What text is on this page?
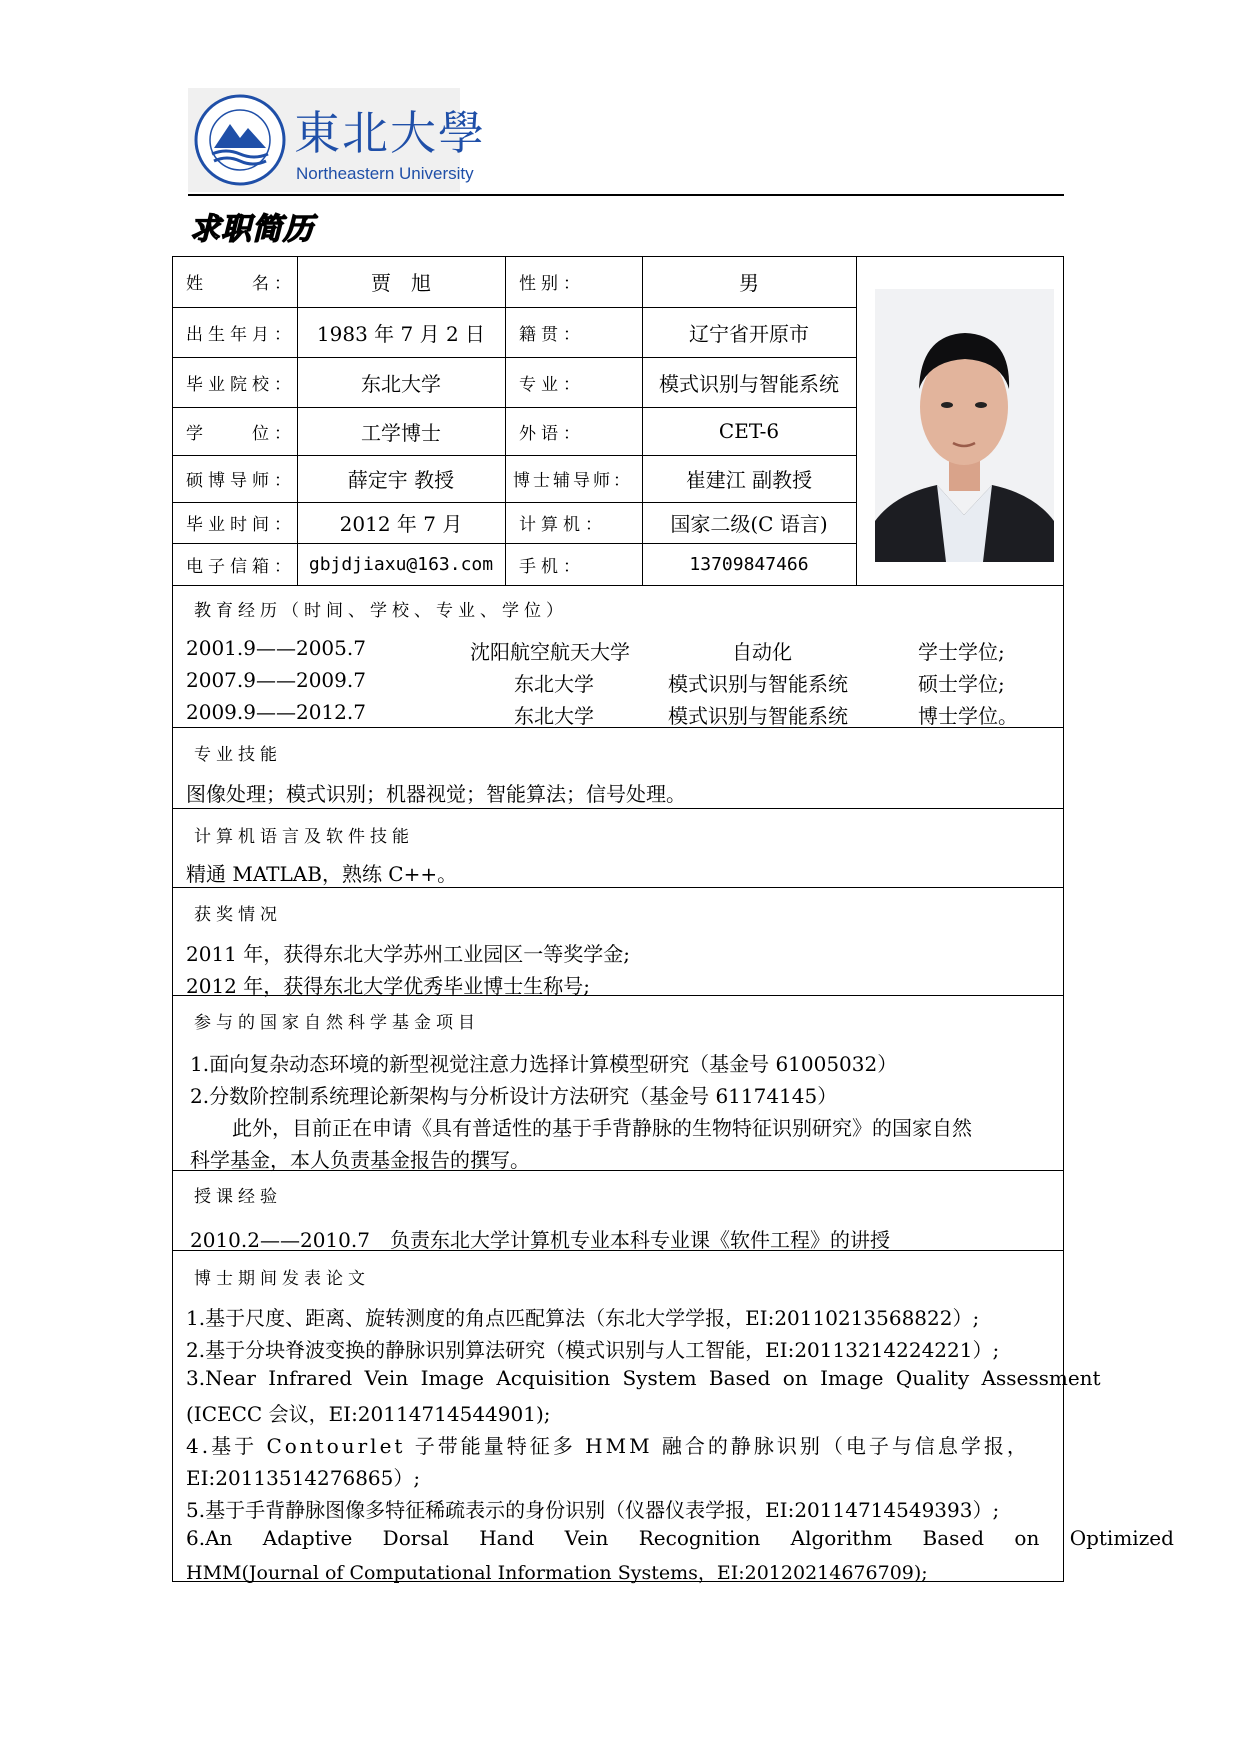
東北大學
Northeastern University
求职简历
姓　　名：	贾　旭	性别：	男
出生年月：	1983 年 7 月 2 日	籍贯：	辽宁省开原市
毕业院校：	东北大学	专业：	模式识别与智能系统
学　　位：	工学博士	外语：	CET-6
硕博导师：	薛定宇 教授	博士辅导师：	崔建江 副教授
毕业时间：	2012 年 7 月	计算机：	国家二级(C 语言)
电子信箱： gbjdjiaxu@163.com	手机：	13709847466
教育经历（时间、学校、专业、学位）
2001.9——2005.7	沈阳航空航天大学	自动化	学士学位;
2007.9——2009.7	东北大学	模式识别与智能系统	硕士学位;
2009.9——2012.7	东北大学	模式识别与智能系统	博士学位。
专业技能
图像处理；模式识别；机器视觉；智能算法；信号处理。
计算机语言及软件技能
精通 MATLAB，熟练 C++。
获奖情况
2011 年，获得东北大学苏州工业园区一等奖学金;
2012 年，获得东北大学优秀毕业博士生称号;
参与的国家自然科学基金项目
1.面向复杂动态环境的新型视觉注意力选择计算模型研究（基金号 61005032）
2.分数阶控制系统理论新架构与分析设计方法研究（基金号 61174145）
此外，目前正在申请《具有普适性的基于手背静脉的生物特征识别研究》的国家自然
科学基金，本人负责基金报告的撰写。
授课经验
2010.2——2010.7　负责东北大学计算机专业本科专业课《软件工程》的讲授
博士期间发表论文
1.基于尺度、距离、旋转测度的角点匹配算法（东北大学学报，EI:20110213568822）;
2.基于分块脊波变换的静脉识别算法研究（模式识别与人工智能，EI:20113214224221）;
3.Near Infrared Vein Image Acquisition System Based on Image Quality Assessment
(ICECC 会议，EI:20114714544901);
4.基于 Contourlet 子带能量特征多 HMM 融合的静脉识别（电子与信息学报，
EI:20113514276865）;
5.基于手背静脉图像多特征稀疏表示的身份识别（仪器仪表学报，EI:20114714549393）;
6.An Adaptive Dorsal Hand Vein Recognition Algorithm Based on Optimized
HMM(Journal of Computational Information Systems，EI:20120214676709);
